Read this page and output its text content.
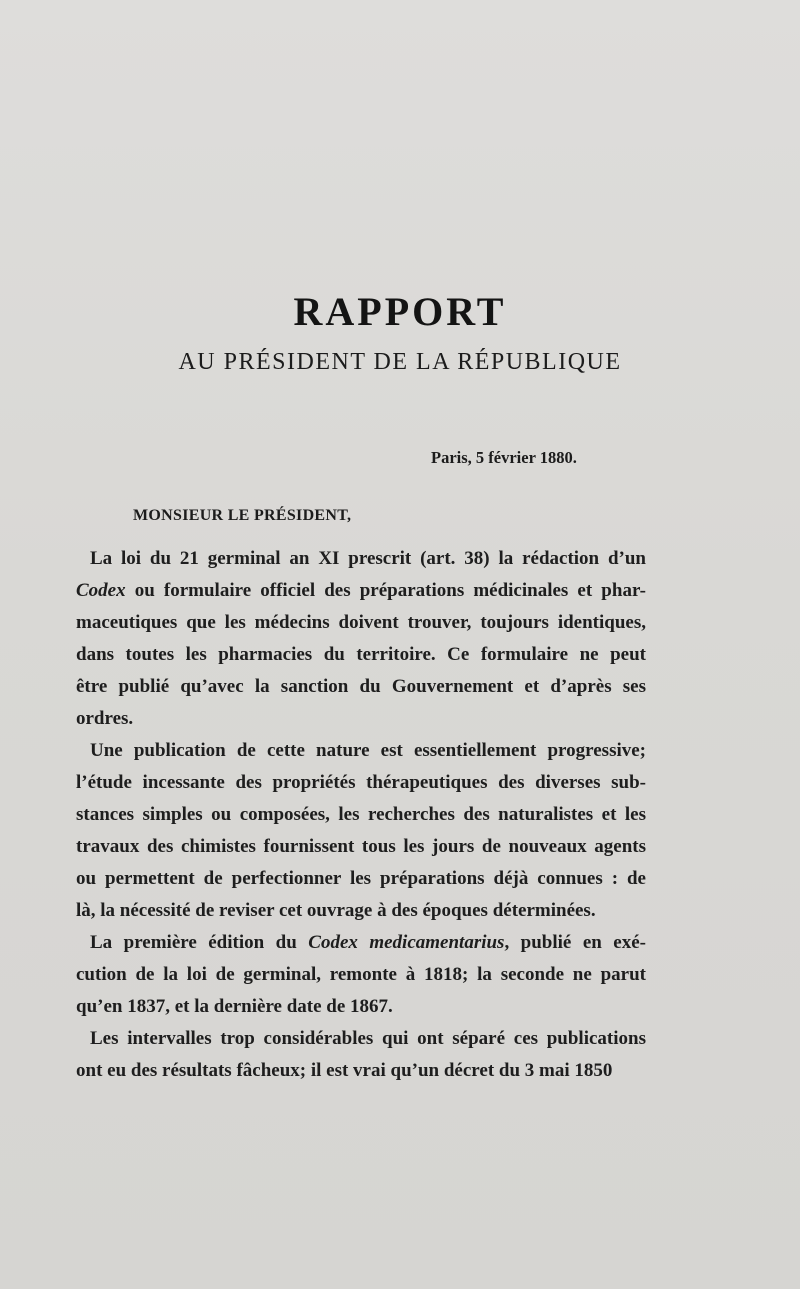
RAPPORT
AU PRÉSIDENT DE LA RÉPUBLIQUE
Paris, 5 février 1880.
MONSIEUR LE PRÉSIDENT,

La loi du 21 germinal an XI prescrit (art. 38) la rédaction d’un
Codex ou formulaire officiel des préparations médicinales et phar-
maceutiques que les médecins doivent trouver, toujours identiques,
dans toutes les pharmacies du territoire. Ce formulaire ne peut
être publié qu’avec la sanction du Gouvernement et d’après ses
ordres.

Une publication de cette nature est essentiellement progressive;
l’étude incessante des propriétés thérapeutiques des diverses sub-
stances simples ou composées, les recherches des naturalistes et les
travaux des chimistes fournissent tous les jours de nouveaux agents
ou permettent de perfectionner les préparations déjà connues : de
là, la nécessité de reviser cet ouvrage à des époques déterminées.

La première édition du Codex medicamentarius, publié en exé-
cution de la loi de germinal, remonte à 1818; la seconde ne parut
qu’en 1837, et la dernière date de 1867.

Les intervalles trop considérables qui ont séparé ces publications
ont eu des résultats fâcheux; il est vrai qu’un décret du 3 mai 1850
